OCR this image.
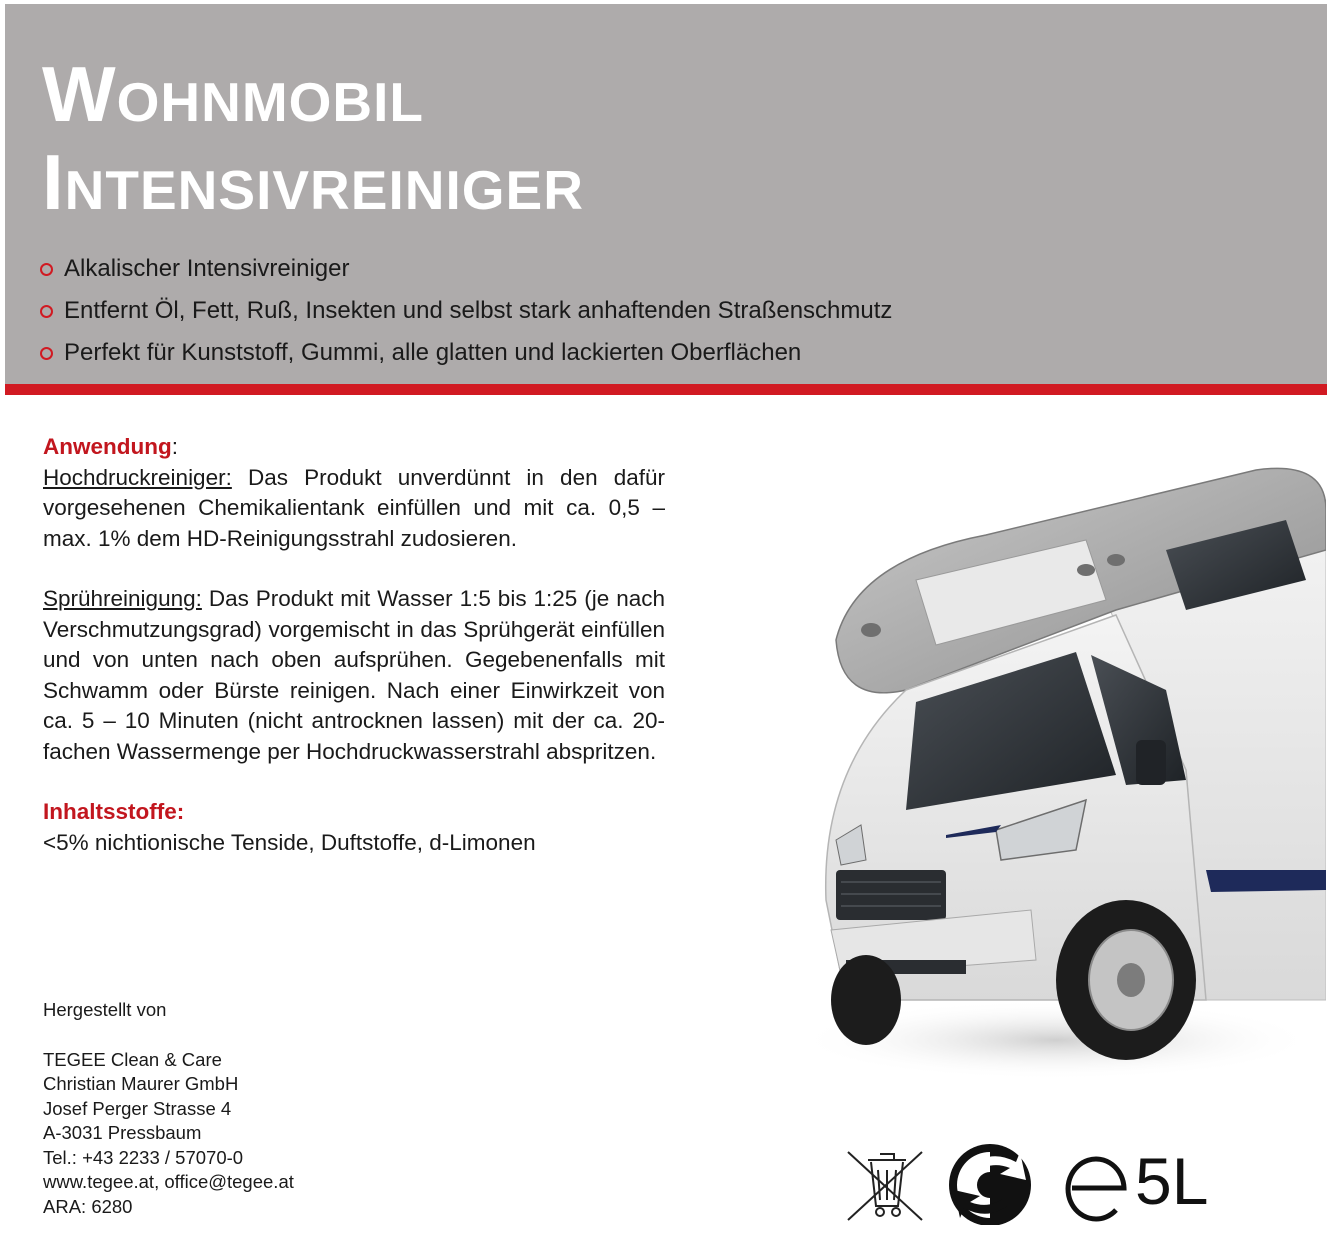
Wohnmobil
Intensivreiniger
Alkalischer Intensivreiniger
Entfernt Öl, Fett, Ruß, Insekten und selbst stark anhaftenden Straßenschmutz
Perfekt für Kunststoff, Gummi, alle glatten und lackierten Oberflächen

Anwendung:

Hochdruckreiniger: Das Produkt unverdünnt in den dafür vorgesehenen Chemikalientank einfüllen und mit ca. 0,5 – max. 1% dem HD-Reinigungsstrahl zudosieren.

Sprühreinigung: Das Produkt mit Wasser 1:5 bis 1:25 (je nach Verschmutzungsgrad) vorgemischt in das Sprühgerät einfüllen und von unten nach oben aufsprühen. Gegebenenfalls mit Schwamm oder Bürste reinigen. Nach einer Einwirkzeit von ca. 5 – 10 Minuten (nicht antrocknen lassen) mit der ca. 20-fachen Wassermenge per Hochdruckwasserstrahl abspritzen.

Inhaltsstoffe:

<5% nichtionische Tenside, Duftstoffe, d-Limonen

Hergestellt von
TEGEE Clean & Care
Christian Maurer GmbH
Josef Perger Strasse 4
A-3031 Pressbaum
Tel.: +43 2233 / 57070-0
www.tegee.at, office@tegee.at
ARA: 6280	5L
